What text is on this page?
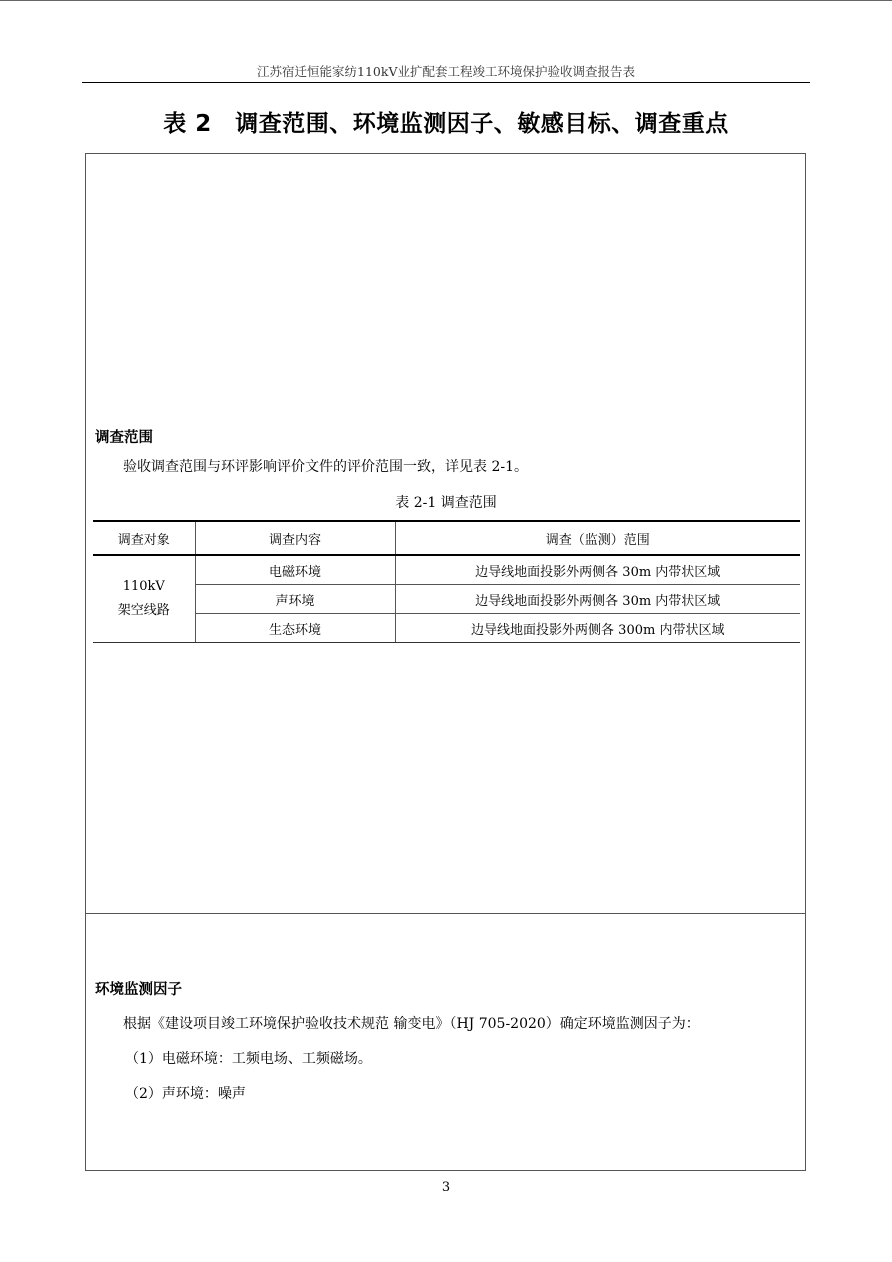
江苏宿迁恒能家纺110kV业扩配套工程竣工环境保护验收调查报告表
表 2　调查范围、环境监测因子、敏感目标、调查重点
调查范围
验收调查范围与环评影响评价文件的评价范围一致，详见表 2-1。
表 2-1 调查范围
调查对象	调查内容	调查（监测）范围

110kV
架空线路	电磁环境	边导线地面投影外两侧各 30m 内带状区域
	声环境	边导线地面投影外两侧各 30m 内带状区域
	生态环境	边导线地面投影外两侧各 300m 内带状区域
环境监测因子
根据《建设项目竣工环境保护验收技术规范 输变电》（HJ 705-2020）确定环境监测因子为：
（1）电磁环境：工频电场、工频磁场。
（2）声环境：噪声
3
